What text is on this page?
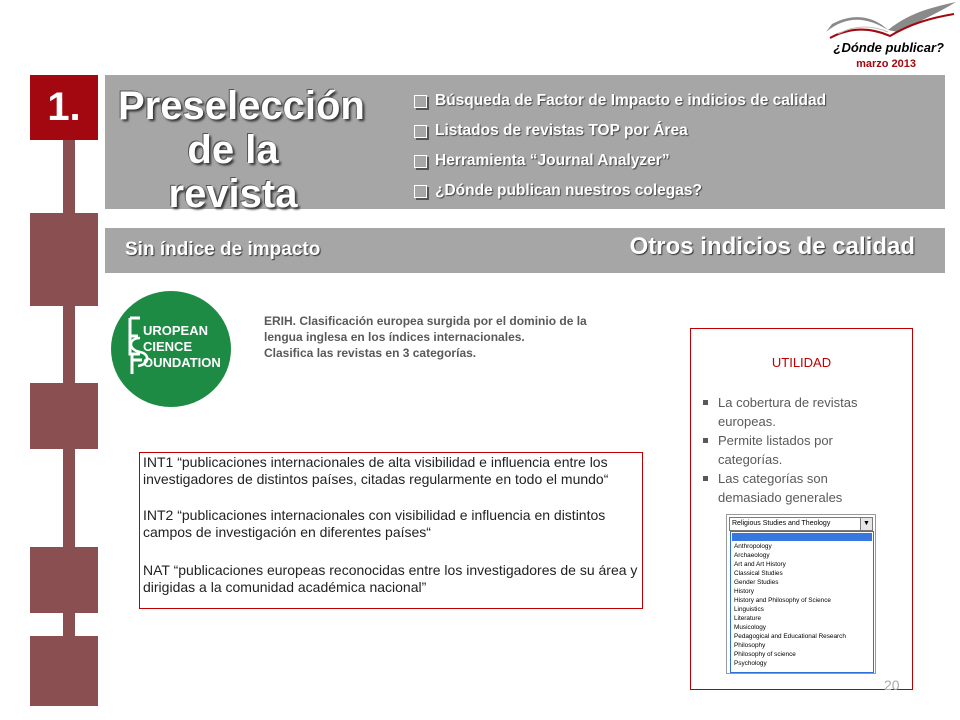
1.
¿Dónde publicar?
marzo 2013
Preselección
de la revista
Búsqueda de Factor de Impacto e indicios de calidad
Listados de revistas TOP por Área
Herramienta “Journal Analyzer”
¿Dónde publican nuestros colegas?
Sin índice de impacto	Otros indicios de calidad
UROPEAN
CIENCE
OUNDATION
ERIH. Clasificación europea surgida por el dominio de la
lengua inglesa en los índices internacionales.
Clasifica las revistas en 3 categorías.
INT1 “publicaciones internacionales de alta visibilidad e influencia entre los
investigadores de distintos países, citadas regularmente en todo el mundo“
INT2 “publicaciones internacionales con visibilidad e influencia en distintos
campos de investigación en diferentes países“
NAT “publicaciones europeas reconocidas entre los investigadores de su área y
dirigidas a la comunidad académica nacional”
UTILIDAD
La cobertura de revistas
europeas.
Permite listados por
categorías.
Las categorías son
demasiado generales
Religious Studies and Theology	▼
Anthropology
Archaeology
Art and Art History
Classical Studies
Gender Studies
History
History and Philosophy of Science
Linguistics
Literature
Musicology
Pedagogical and Educational Research
Philosophy
Philosophy of science
Psychology
20
